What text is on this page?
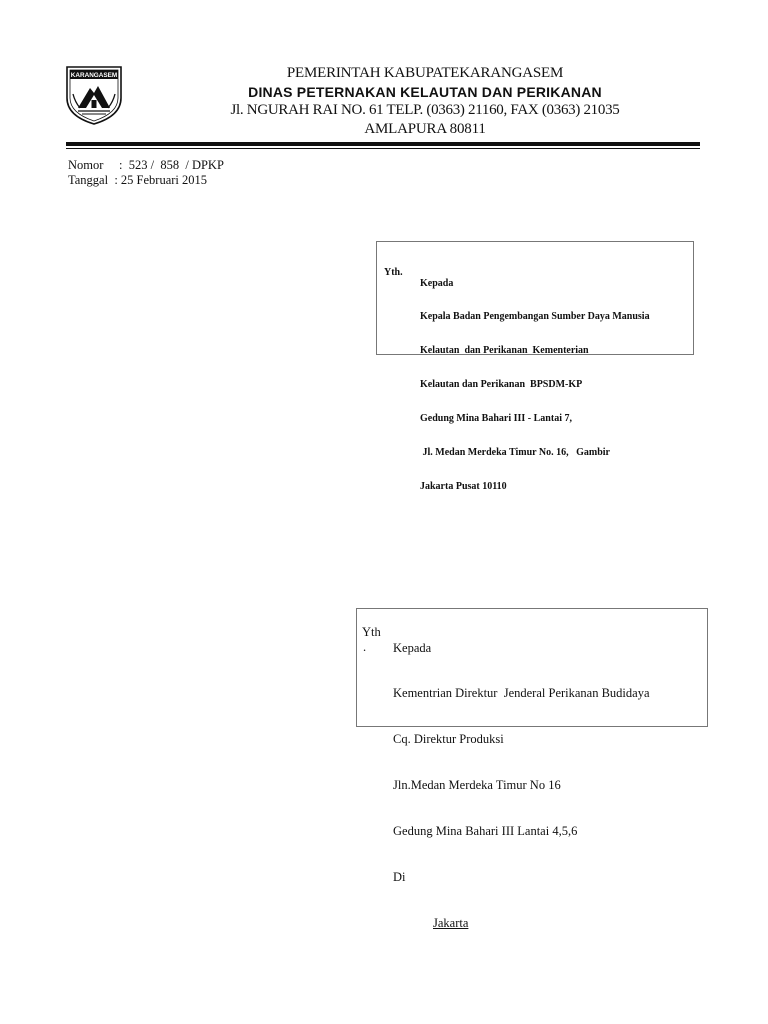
KARANGASEM	PEMERINTAH KABUPATEKARANGASEM
DINAS PETERNAKAN KELAUTAN DAN PERIKANAN
Jl. NGURAH RAI NO. 61 TELP. (0363) 21160, FAX (0363) 21035
AMLAPURA 80811
Nomor     :  523 /  858  / DPKP
Tanggal  : 25 Februari 2015
Yth.

Kepada

Kepala Badan Pengembangan Sumber Daya Manusia

Kelautan  dan Perikanan  Kementerian

Kelautan dan Perikanan  BPSDM-KP

Gedung Mina Bahari III - Lantai 7,

Jl. Medan Merdeka Timur No. 16,   Gambir

Jakarta Pusat 10110

Yth
.

Kepada

Kementrian Direktur  Jenderal Perikanan Budidaya

Cq. Direktur Produksi

Jln.Medan Merdeka Timur No 16

Gedung Mina Bahari III Lantai 4,5,6

Di

Jakarta
